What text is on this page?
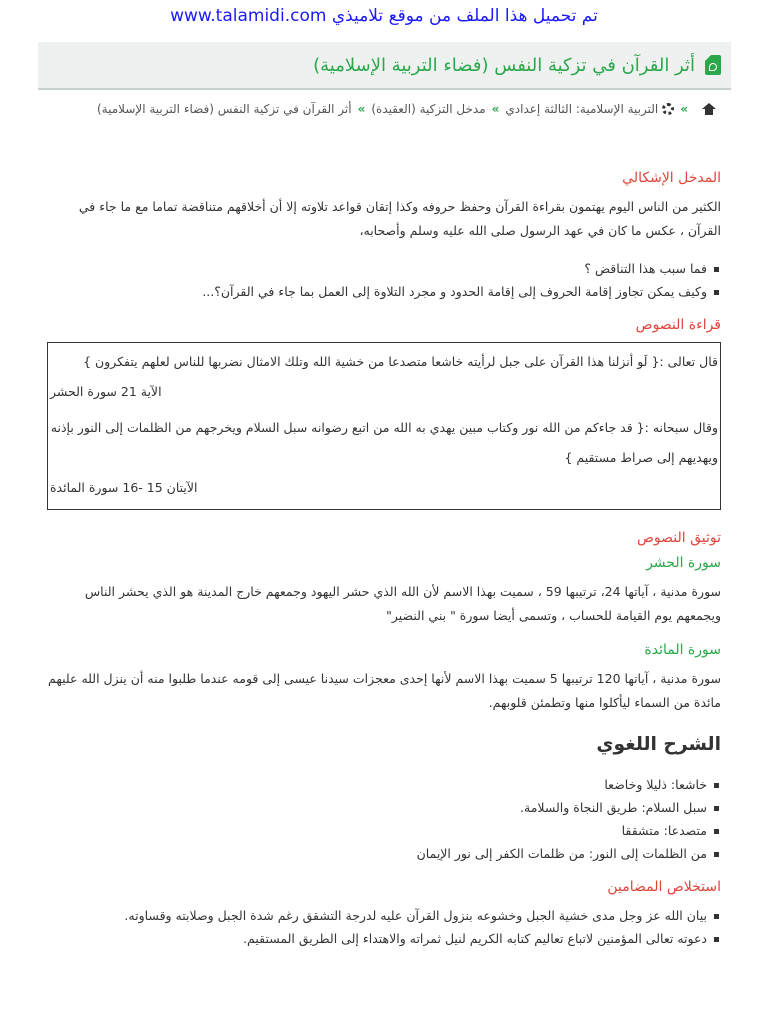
تم تحميل هذا الملف من موقع تلاميذي www.talamidi.com
أثر القرآن في تزكية النفس (فضاء التربية الإسلامية)
»
التربية الإسلامية: الثالثة إعدادي
»
مدخل التزكية (العقيدة)
»
أثر القرآن في تزكية النفس (فضاء التربية الإسلامية)
المدخل الإشكالي

الكثير من الناس اليوم يهتمون بقراءة القرآن وحفظ حروفه وكذا إتقان قواعد تلاوته إلا أن أخلاقهم متناقضة تماما مع ما جاء في القرآن ، عكس ما كان في عهد الرسول صلى الله عليه وسلم وأصحابه،

فما سبب هذا التناقض ؟
وكيف يمكن تجاوز إقامة الحروف إلى إقامة الحدود و مجرد التلاوة إلى العمل بما جاء في القرآن؟...
قراءة النصوص
قال تعالى :{ لَو أنزلنا هذا القرآن على جبل لرأيته خاشعا متصدعا من خشية الله وتلك الامثال نضربها للناس لعلهم يتفكرون }
الآية 21 سورة الحشر
وقال سبحانه :{ قد جاءكم من الله نور وكتاب مبين يهدي به الله من اتبع رضوانه سبل السلام ويخرجهم من الظلمات إلى النور بإذنه ويهديهم إلى صراط مستقيم }
الآيتان 15 -16 سورة المائدة
توثيق النصوص
سورة الحشر

سورة مدنية ، آياتها 24، ترتيبها 59 ، سميت بهذا الاسم لأن الله الذي حشر اليهود وجمعهم خارج المدينة هو الذي يحشر الناس ويجمعهم يوم القيامة للحساب ، وتسمى أيضا سورة " بني النضير"

سورة المائدة

سورة مدنية ، آياتها 120 ترتيبها 5 سميت بهذا الاسم لأنها إحدى معجزات سيدنا عيسى إلى قومه عندما طلبوا منه أن ينزل الله عليهم مائدة من السماء ليأكلوا منها وتطمئن قلوبهم.

الشرح اللغوي
خاشعا: ذليلا وخاضعا
سبل السلام: طريق النجاة والسلامة.
متصدعا: متشققا
من الظلمات إلى النور: من ظلمات الكفر إلى نور الإيمان
استخلاص المضامين
بيان الله عز وجل مدى خشية الجبل وخشوعه بنزول القرآن عليه لدرجة التشقق رغم شدة الجبل وصلابته وقساوته.
دعوته تعالى المؤمنين لاتباع تعاليم كتابه الكريم لنيل ثمراته والاهتداء إلى الطريق المستقيم.
